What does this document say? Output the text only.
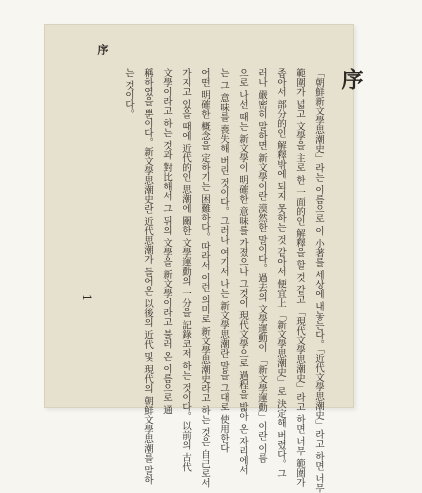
序
序
1	「朝鮮新文學思潮史」라는 이름으로 이 小著를 세상에 내놓는다。「近代文學思潮史」라고 하면 너무
範圍가 넓고 文學을 主로 한 一面的인 解釋을 할 것 같고 「現代文學思潮史」라고 하면 너무 範圍가
좁아서 部分的인 解釋밖에 되지 못하는 것 같아서 便宜上 「新文學思潮史」로 決定해 버렸다。그
러나 嚴密히 말하면 新文學이란 漠然한 말이다。過去의 文學運動이 「新文學運動」이란 이름
으로 나선 때는 新文學이 明確한 意味를 가졌으나 그것이 現代文學으로 過程을 밟아 온 자리에서
는 그 意味를 喪失해 버린 것이다。그러나 여기서 나는 新文學思潮란 말을 그대로 使用한다
어떤 明確한 概念을 定하기는 困難하다。따라서 이런 의미로 新文學思潮史라고 하는 것은 自己로서
가지고 있을 때에 近代的인 思潮에 關한 文學運動의 一分을 記錄코저 하는 것이다。以前의 古代
文學이라고 하는 것과 對比해서 그 뒤의 文學을 新文學이라고 불러 온 이름으로 通
稱하였을 뿐이다。新文學思潮史란 近代思潮가 들어온 以後의 近代 및 現代의 朝鮮文學思潮를 말하
는 것이다。
